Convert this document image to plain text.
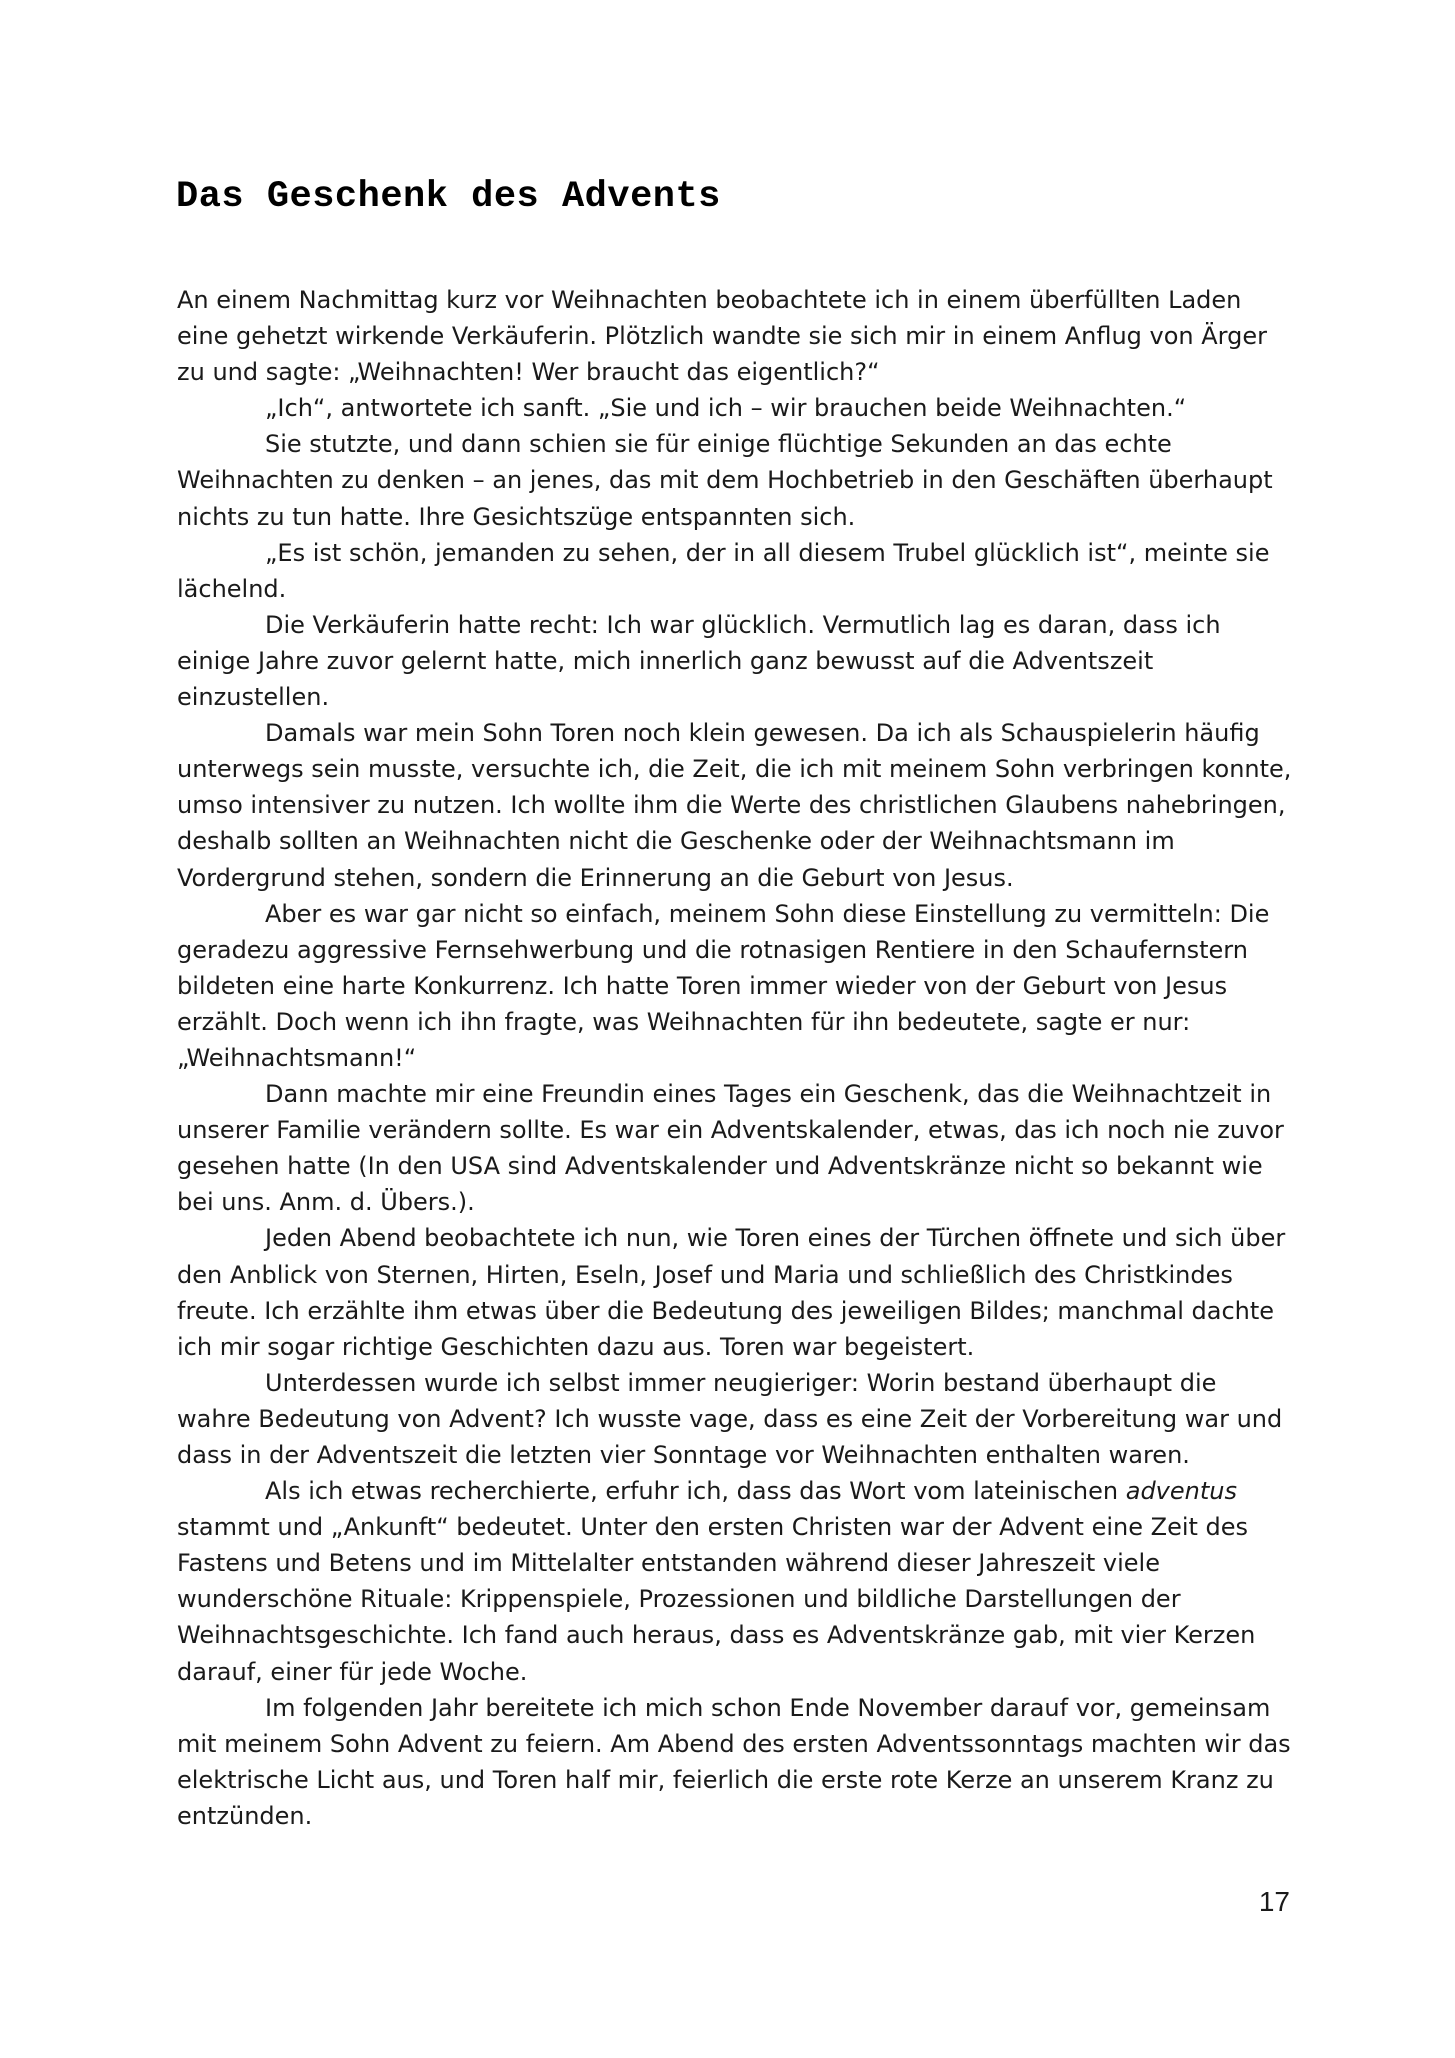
Das Geschenk des Advents

An einem Nachmittag kurz vor Weihnachten beobachtete ich in einem überfüllten Laden eine gehetzt wirkende Verkäuferin. Plötzlich wandte sie sich mir in einem Anflug von Ärger zu und sagte: „Weihnachten! Wer braucht das eigentlich?“

„Ich“, antwortete ich sanft. „Sie und ich – wir brauchen beide Weihnachten.“

Sie stutzte, und dann schien sie für einige flüchtige Sekunden an das echte Weihnachten zu denken – an jenes, das mit dem Hochbetrieb in den Geschäften überhaupt nichts zu tun hatte. Ihre Gesichtszüge entspannten sich.

„Es ist schön, jemanden zu sehen, der in all diesem Trubel glücklich ist“, meinte sie lächelnd.

Die Verkäuferin hatte recht: Ich war glücklich. Vermutlich lag es daran, dass ich einige Jahre zuvor gelernt hatte, mich innerlich ganz bewusst auf die Adventszeit einzustellen.

Damals war mein Sohn Toren noch klein gewesen. Da ich als Schauspielerin häufig unterwegs sein musste, versuchte ich, die Zeit, die ich mit meinem Sohn verbringen konnte, umso intensiver zu nutzen. Ich wollte ihm die Werte des christlichen Glaubens nahebringen, deshalb sollten an Weihnachten nicht die Geschenke oder der Weihnachtsmann im Vordergrund stehen, sondern die Erinnerung an die Geburt von Jesus.

Aber es war gar nicht so einfach, meinem Sohn diese Einstellung zu vermitteln: Die geradezu aggressive Fernsehwerbung und die rotnasigen Rentiere in den Schaufernstern bildeten eine harte Konkurrenz. Ich hatte Toren immer wieder von der Geburt von Jesus erzählt. Doch wenn ich ihn fragte, was Weihnachten für ihn bedeutete, sagte er nur: „Weihnachtsmann!“

Dann machte mir eine Freundin eines Tages ein Geschenk, das die Weihnachtzeit in unserer Familie verändern sollte. Es war ein Adventskalender, etwas, das ich noch nie zuvor gesehen hatte (In den USA sind Adventskalender und Adventskränze nicht so bekannt wie bei uns. Anm. d. Übers.).

Jeden Abend beobachtete ich nun, wie Toren eines der Türchen öffnete und sich über den Anblick von Sternen, Hirten, Eseln, Josef und Maria und schließlich des Christkindes freute. Ich erzählte ihm etwas über die Bedeutung des jeweiligen Bildes; manchmal dachte ich mir sogar richtige Geschichten dazu aus. Toren war begeistert.

Unterdessen wurde ich selbst immer neugieriger: Worin bestand überhaupt die wahre Bedeutung von Advent? Ich wusste vage, dass es eine Zeit der Vorbereitung war und dass in der Adventszeit die letzten vier Sonntage vor Weihnachten enthalten waren.

Als ich etwas recherchierte, erfuhr ich, dass das Wort vom lateinischen adventus stammt und „Ankunft“ bedeutet. Unter den ersten Christen war der Advent eine Zeit des Fastens und Betens und im Mittelalter entstanden während dieser Jahreszeit viele wunderschöne Rituale: Krippenspiele, Prozessionen und bildliche Darstellungen der Weihnachtsgeschichte. Ich fand auch heraus, dass es Adventskränze gab, mit vier Kerzen darauf, einer für jede Woche.

Im folgenden Jahr bereitete ich mich schon Ende November darauf vor, gemeinsam mit meinem Sohn Advent zu feiern. Am Abend des ersten Adventssonntags machten wir das elektrische Licht aus, und Toren half mir, feierlich die erste rote Kerze an unserem Kranz zu entzünden.

17
